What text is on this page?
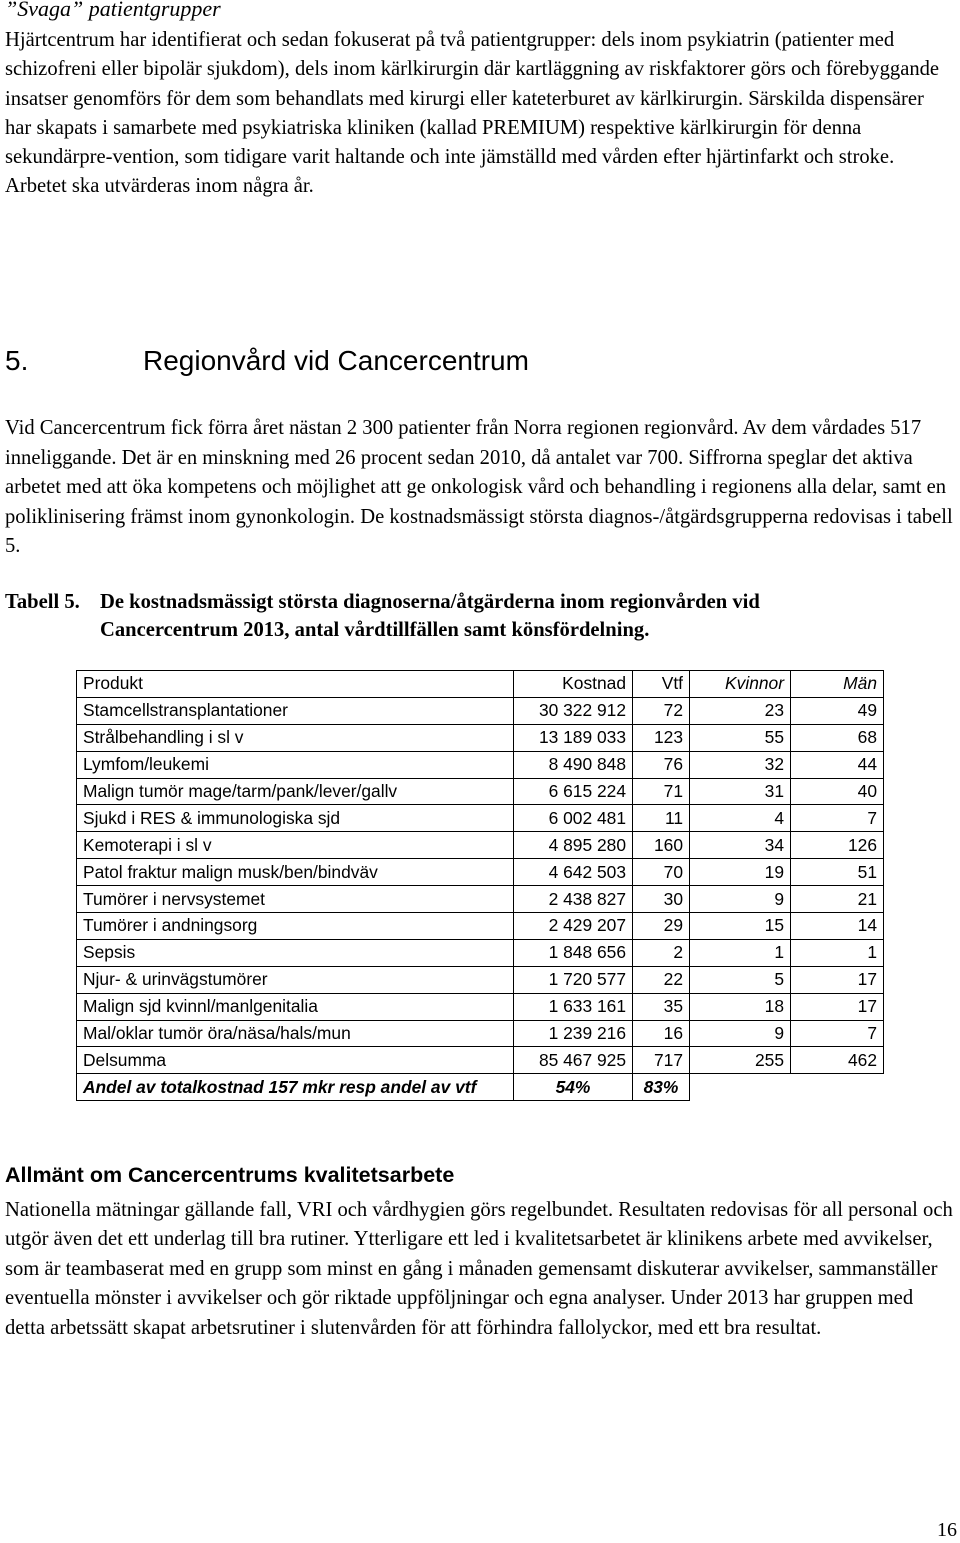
”Svaga” patientgrupper

Hjärtcentrum har identifierat och sedan fokuserat på två patientgrupper: dels inom psykiatrin (patienter med schizofreni eller bipolär sjukdom), dels inom kärlkirurgin där kartläggning av riskfaktorer görs och förebyggande insatser genomförs för dem som behandlats med kirurgi eller kateterburet av kärlkirurgin. Särskilda dispensärer har skapats i samarbete med psykiatriska kliniken (kallad PREMIUM) respektive kärlkirurgin för denna sekundärpre-vention, som tidigare varit haltande och inte jämställd med vården efter hjärtinfarkt och stroke. Arbetet ska utvärderas inom några år.

5.	Regionvård vid Cancercentrum

Vid Cancercentrum fick förra året nästan 2 300 patienter från Norra regionen regionvård. Av dem vårdades 517 inneliggande. Det är en minskning med 26 procent sedan 2010, då antalet var 700. Siffrorna speglar det aktiva arbetet med att öka kompetens och möjlighet att ge onkologisk vård och behandling i regionens alla delar, samt en poliklinisering främst inom gynonkologin. De kostnadsmässigt största diagnos-/åtgärdsgrupperna redovisas i tabell 5.

Tabell 5. De kostnadsmässigt största diagnoserna/åtgärderna inom regionvården vid
Cancercentrum 2013, antal vårdtillfällen samt könsfördelning.
Produkt	Kostnad	Vtf	Kvinnor	Män
Stamcellstransplantationer	30 322 912	72	23	49
Strålbehandling i sl v	13 189 033	123	55	68
Lymfom/leukemi	8 490 848	76	32	44
Malign tumör mage/tarm/pank/lever/gallv	6 615 224	71	31	40
Sjukd i RES & immunologiska sjd	6 002 481	11	4	7
Kemoterapi i sl v	4 895 280	160	34	126
Patol fraktur malign musk/ben/bindväv	4 642 503	70	19	51
Tumörer i nervsystemet	2 438 827	30	9	21
Tumörer i andningsorg	2 429 207	29	15	14
Sepsis	1 848 656	2	1	1
Njur- & urinvägstumörer	1 720 577	22	5	17
Malign sjd kvinnl/manlgenitalia	1 633 161	35	18	17
Mal/oklar tumör öra/näsa/hals/mun	1 239 216	16	9	7
Delsumma	85 467 925	717	255	462
Andel av totalkostnad 157 mkr resp andel av vtf	54%	83%		
Allmänt om Cancercentrums kvalitetsarbete

Nationella mätningar gällande fall, VRI och vårdhygien görs regelbundet. Resultaten redovisas för all personal och utgör även det ett underlag till bra rutiner. Ytterligare ett led i kvalitetsarbetet är klinikens arbete med avvikelser, som är teambaserat med en grupp som minst en gång i månaden gemensamt diskuterar avvikelser, sammanställer eventuella mönster i avvikelser och gör riktade uppföljningar och egna analyser. Under 2013 har gruppen med detta arbetssätt skapat arbetsrutiner i slutenvården för att förhindra fallolyckor, med ett bra resultat.

16
